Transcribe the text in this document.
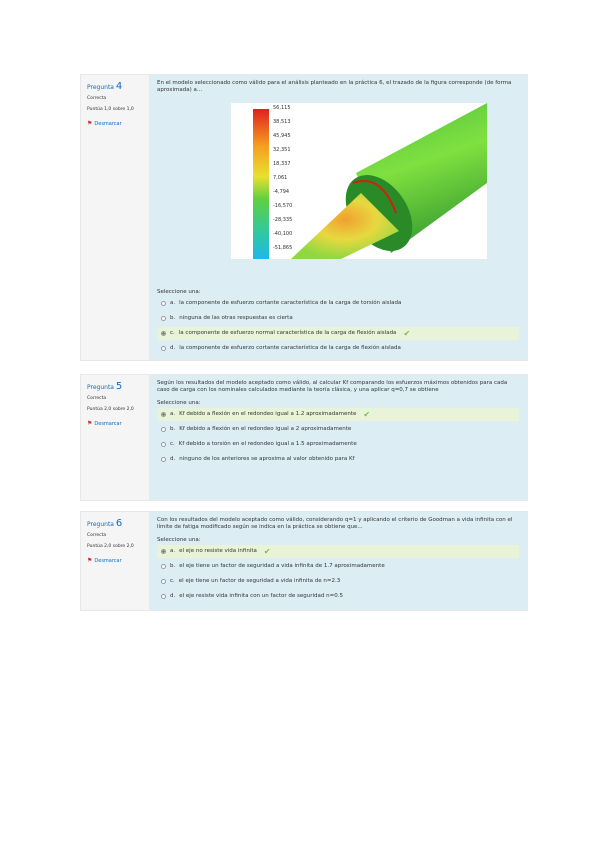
Pregunta 4
Correcta
Puntúa 1,0 sobre 1,0
⚑ Desmarcar
En el modelo seleccionado como válido para el análisis planteado en la práctica 6, el trazado de la figura corresponde (de forma aproximada) a...
56,115
38,513
45,945
32,351
18,337
7,061
-4,794
-16,570
-28,335
-40,100
-51,865
Seleccione una:
a. la componente de esfuerzo cortante característica de la carga de torsión aislada
b. ninguna de las otras respuestas es cierta
c. la componente de esfuerzo normal característica de la carga de flexión aislada ✔
d. la componente de esfuerzo cortante característica de la carga de flexión aislada
Pregunta 5
Correcta
Puntúa 2,0 sobre 2,0
⚑ Desmarcar
Según los resultados del modelo aceptado como válido, al calcular Kf comparando los esfuerzos máximos obtenidos para cada caso de carga con los nominales calculados mediante la teoría clásica, y una aplicar q=0,7 se obtiene
Seleccione una:
a. Kf debido a flexión en el redondeo igual a 1.2 aproximadamente ✔
b. Kf debido a flexión en el redondeo igual a 2 aproximadamente
c. Kf debido a torsión en el redondeo igual a 1.5 aproximadamente
d. ninguno de los anteriores se aproxima al valor obtenido para Kf
Pregunta 6
Correcta
Puntúa 2,0 sobre 2,0
⚑ Desmarcar
Con los resultados del modelo aceptado como válido, considerando q=1 y aplicando el criterio de Goodman a vida infinita con el límite de fatiga modificado según se indica en la práctica se obtiene que...
Seleccione una:
a. el eje no resiste vida infinita ✔
b. el eje tiene un factor de seguridad a vida infinita de 1.7 aproximadamente
c. el eje tiene un factor de seguridad a vida infinita de n=2.3
d. el eje resiste vida infinita con un factor de seguridad n=0.5
